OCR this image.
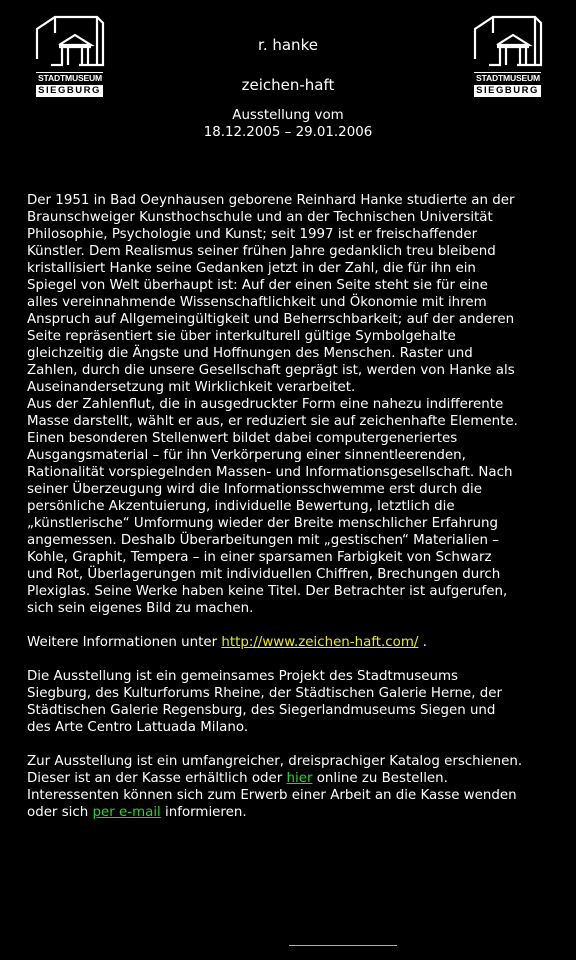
STADTMUSEUM
SIEGBURG
STADTMUSEUM
SIEGBURG
r. hanke
zeichen-haft
Ausstellung vom
18.12.2005 – 29.01.2006

Der 1951 in Bad Oeynhausen geborene Reinhard Hanke studierte an der

Braunschweiger Kunsthochschule und an der Technischen Universität

Philosophie, Psychologie und Kunst; seit 1997 ist er freischaffender

Künstler. Dem Realismus seiner frühen Jahre gedanklich treu bleibend

kristallisiert Hanke seine Gedanken jetzt in der Zahl, die für ihn ein

Spiegel von Welt überhaupt ist: Auf der einen Seite steht sie für eine

alles vereinnahmende Wissenschaftlichkeit und Ökonomie mit ihrem

Anspruch auf Allgemeingültigkeit und Beherrschbarkeit; auf der anderen

Seite repräsentiert sie über interkulturell gültige Symbolgehalte

gleichzeitig die Ängste und Hoffnungen des Menschen. Raster und

Zahlen, durch die unsere Gesellschaft geprägt ist, werden von Hanke als

Auseinandersetzung mit Wirklichkeit verarbeitet.

Aus der Zahlenflut, die in ausgedruckter Form eine nahezu indifferente

Masse darstellt, wählt er aus, er reduziert sie auf zeichenhafte Elemente.

Einen besonderen Stellenwert bildet dabei computergeneriertes

Ausgangsmaterial – für ihn Verkörperung einer sinnentleerenden,

Rationalität vorspiegelnden Massen- und Informationsgesellschaft. Nach

seiner Überzeugung wird die Informationsschwemme erst durch die

persönliche Akzentuierung, individuelle Bewertung, letztlich die

„künstlerische“ Umformung wieder der Breite menschlicher Erfahrung

angemessen. Deshalb Überarbeitungen mit „gestischen“ Materialien –

Kohle, Graphit, Tempera – in einer sparsamen Farbigkeit von Schwarz

und Rot, Überlagerungen mit individuellen Chiffren, Brechungen durch

Plexiglas. Seine Werke haben keine Titel. Der Betrachter ist aufgerufen,

sich sein eigenes Bild zu machen.

Weitere Informationen unter http://www.zeichen-haft.com/ .

Die Ausstellung ist ein gemeinsames Projekt des Stadtmuseums

Siegburg, des Kulturforums Rheine, der Städtischen Galerie Herne, der

Städtischen Galerie Regensburg, des Siegerlandmuseums Siegen und

des Arte Centro Lattuada Milano.

Zur Ausstellung ist ein umfangreicher, dreisprachiger Katalog erschienen.

Dieser ist an der Kasse erhältlich oder hier online zu Bestellen.

Interessenten können sich zum Erwerb einer Arbeit an die Kasse wenden

oder sich per e-mail informieren.
